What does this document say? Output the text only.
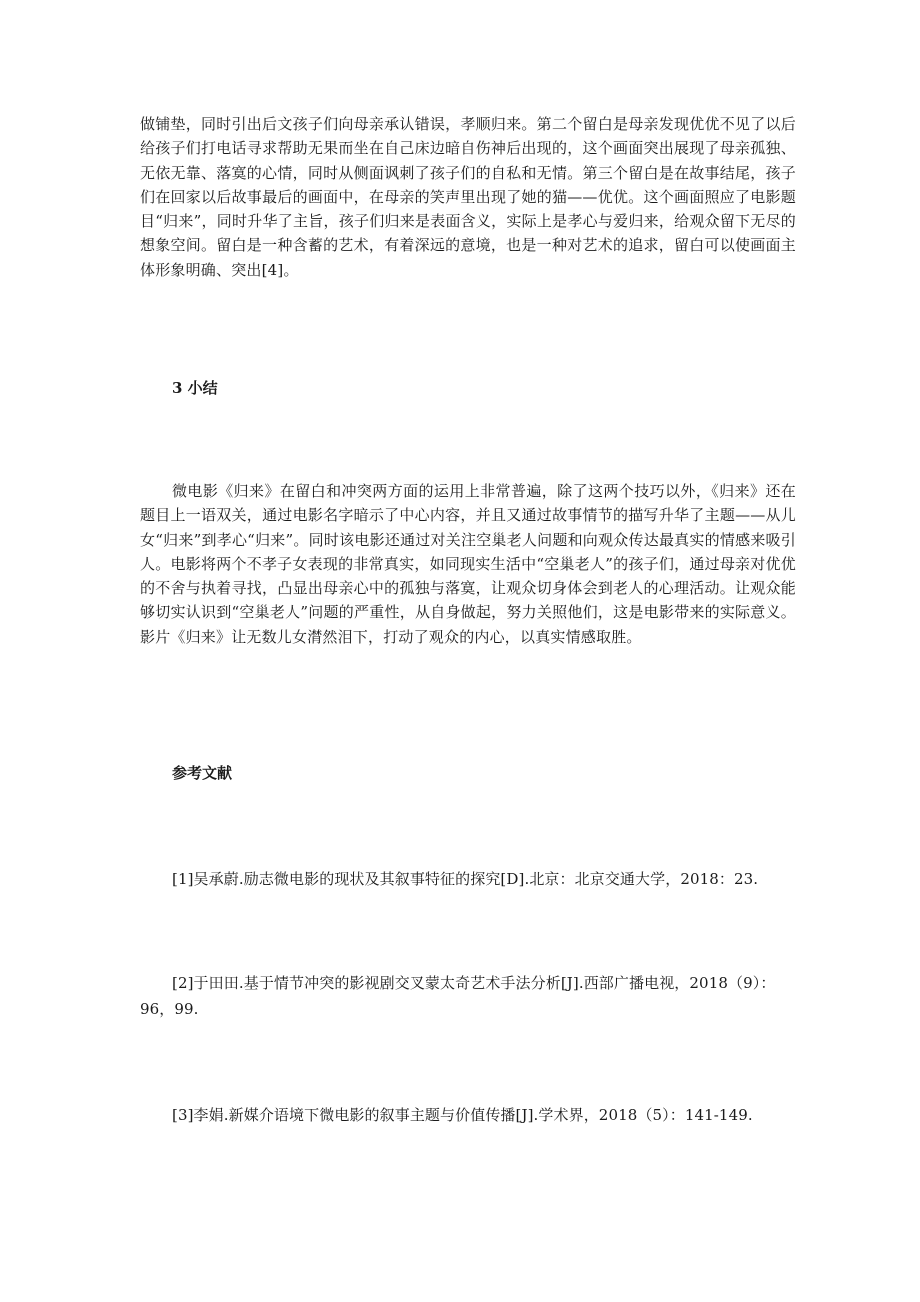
做铺垫，同时引出后文孩子们向母亲承认错误，孝顺归来。第二个留白是母亲发现优优不见了以后给孩子们打电话寻求帮助无果而坐在自己床边暗自伤神后出现的，这个画面突出展现了母亲孤独、无依无靠、落寞的心情，同时从侧面讽刺了孩子们的自私和无情。第三个留白是在故事结尾，孩子们在回家以后故事最后的画面中，在母亲的笑声里出现了她的猫——优优。这个画面照应了电影题目“归来”，同时升华了主旨，孩子们归来是表面含义，实际上是孝心与爱归来，给观众留下无尽的想象空间。留白是一种含蓄的艺术，有着深远的意境，也是一种对艺术的追求，留白可以使画面主体形象明确、突出[4]。

3 小结

微电影《归来》在留白和冲突两方面的运用上非常普遍，除了这两个技巧以外，《归来》还在题目上一语双关，通过电影名字暗示了中心内容，并且又通过故事情节的描写升华了主题——从儿女“归来”到孝心“归来”。同时该电影还通过对关注空巢老人问题和向观众传达最真实的情感来吸引人。电影将两个不孝子女表现的非常真实，如同现实生活中“空巢老人”的孩子们，通过母亲对优优的不舍与执着寻找，凸显出母亲心中的孤独与落寞，让观众切身体会到老人的心理活动。让观众能够切实认识到“空巢老人”问题的严重性，从自身做起，努力关照他们，这是电影带来的实际意义。影片《归来》让无数儿女潸然泪下，打动了观众的内心，以真实情感取胜。

参考文献

[1]吴承蔚.励志微电影的现状及其叙事特征的探究[D].北京：北京交通大学，2018：23.

[2]于田田.基于情节冲突的影视剧交叉蒙太奇艺术手法分析[J].西部广播电视，2018（9）：96，99.

[3]李娟.新媒介语境下微电影的叙事主题与价值传播[J].学术界，2018（5）：141-149.
